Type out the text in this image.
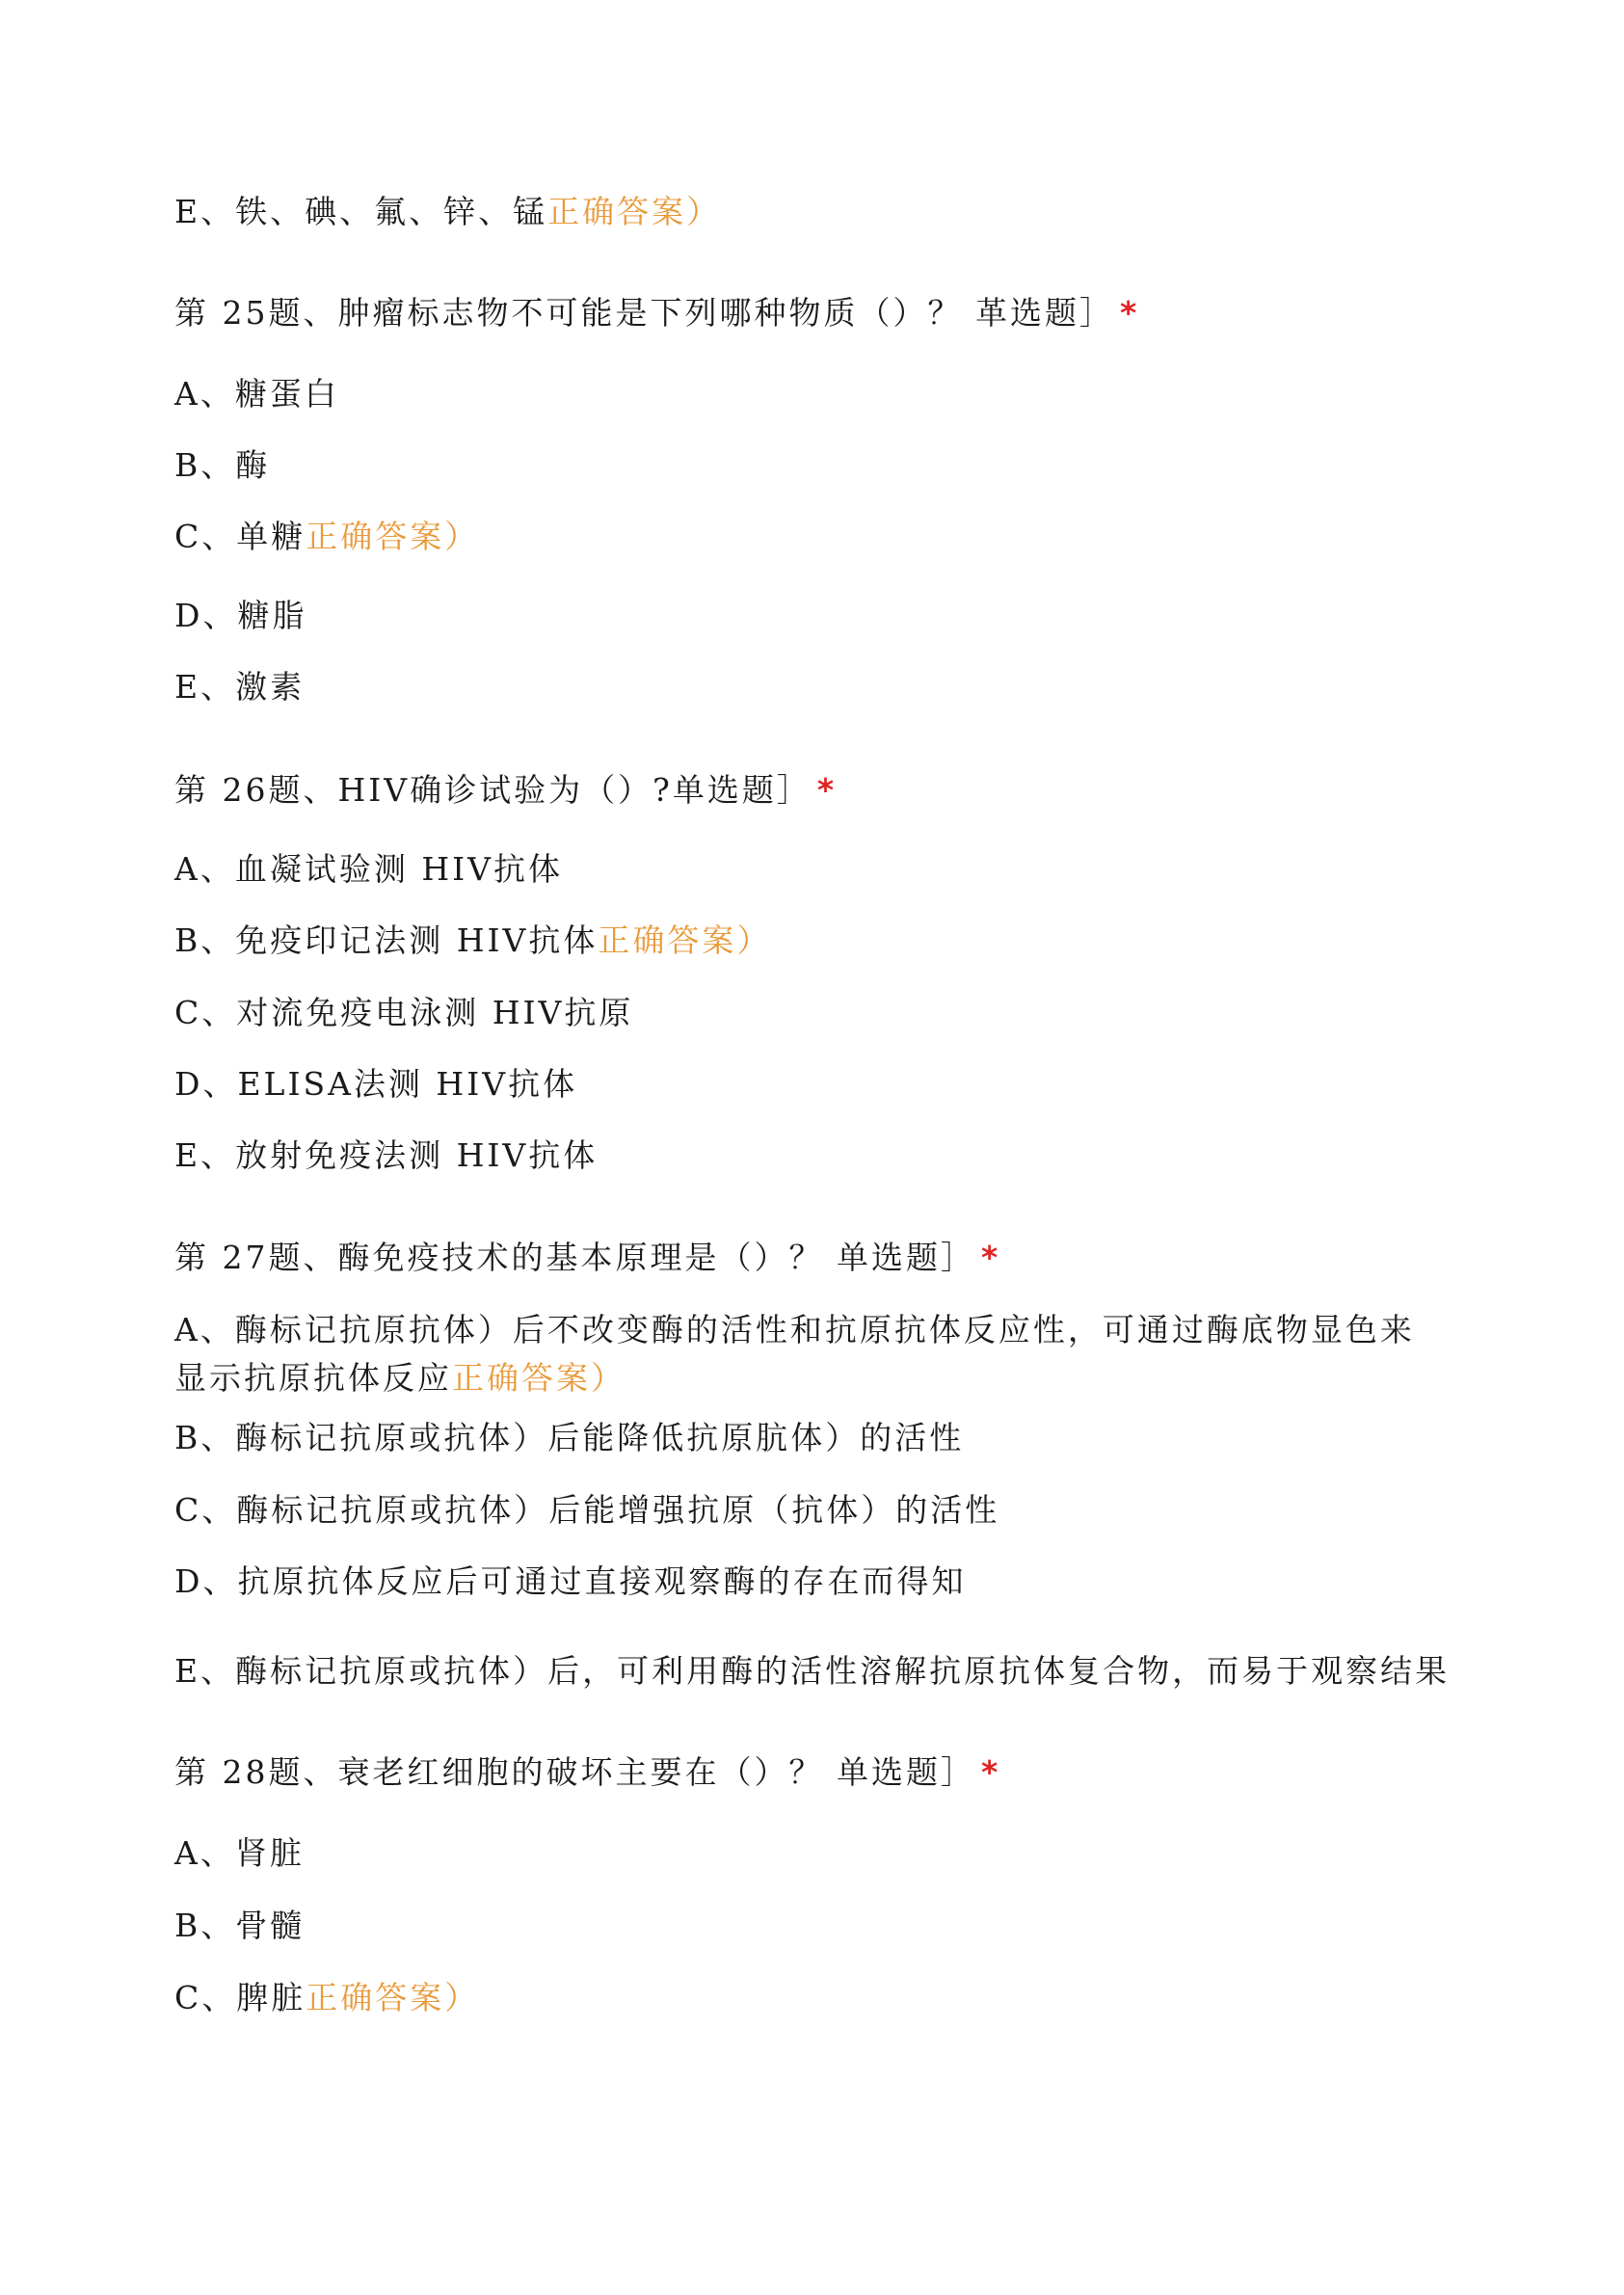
E、铁、碘、氟、锌、锰正确答案）
第 25题、肿瘤标志物不可能是下列哪种物质（）？ 革选题］ *
A、糖蛋白
B、酶
C、单糖正确答案）
D、糖脂
E、激素
第 26题、HIV确诊试验为（）?单选题］ *
A、血凝试验测 HIV抗体
B、免疫印记法测 HIV抗体正确答案）
C、对流免疫电泳测 HIV抗原
D、ELISA法测 HIV抗体
E、放射免疫法测 HIV抗体
第 27题、酶免疫技术的基本原理是（）？ 单选题］ *
A、酶标记抗原抗体）后不改变酶的活性和抗原抗体反应性，可通过酶底物显色来显示抗原抗体反应正确答案）
B、酶标记抗原或抗体）后能降低抗原肮体）的活性
C、酶标记抗原或抗体）后能增强抗原（抗体）的活性
D、抗原抗体反应后可通过直接观察酶的存在而得知
E、酶标记抗原或抗体）后，可利用酶的活性溶解抗原抗体复合物，而易于观察结果
第 28题、衰老红细胞的破坏主要在（）？ 单选题］ *
A、肾脏
B、骨髓
C、脾脏正确答案）
